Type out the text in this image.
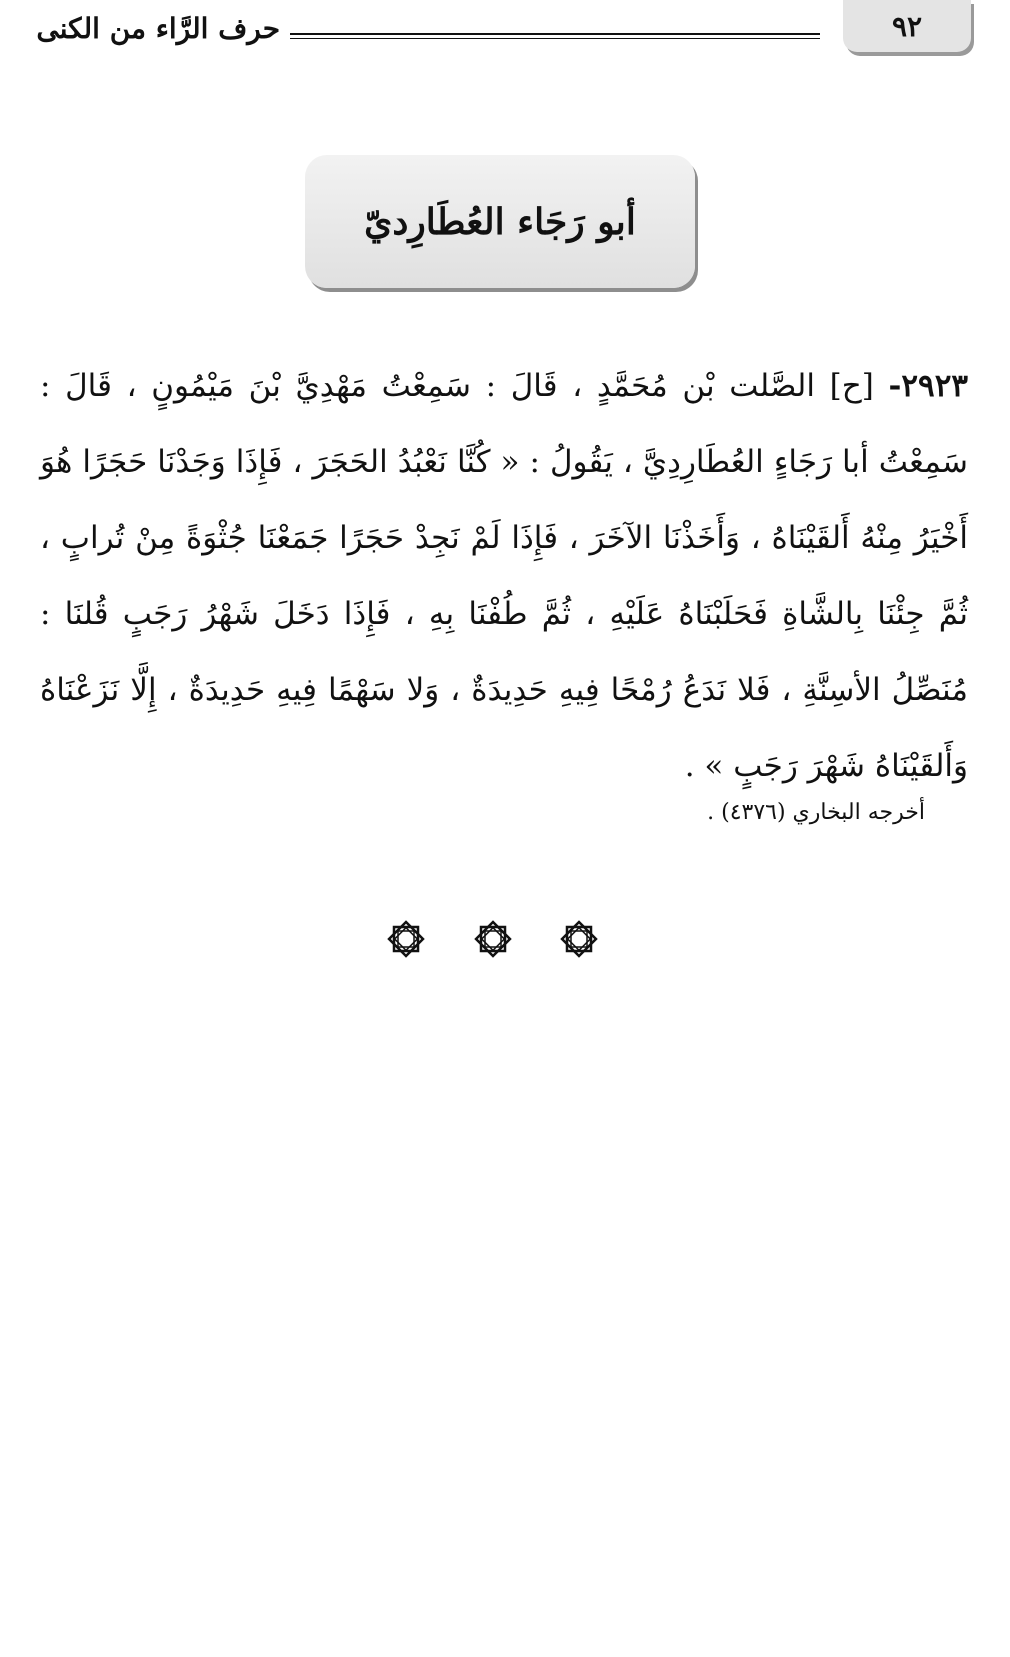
٩٢
حرف الرَّاء من الكنى
أبو رَجَاء العُطَارِديّ
٢٩٢٣- [ح] الصَّلت بْن مُحَمَّدٍ ، قَالَ : سَمِعْتُ مَهْدِيَّ بْنَ مَيْمُونٍ ، قَالَ : سَمِعْتُ أبا رَجَاءٍ العُطَارِدِيَّ ، يَقُولُ : « كُنَّا نَعْبُدُ الحَجَرَ ، فَإِذَا وَجَدْنَا حَجَرًا هُوَ أَخْيَرُ مِنْهُ أَلقَيْنَاهُ ، وَأَخَذْنَا الآخَرَ ، فَإِذَا لَمْ نَجِدْ حَجَرًا جَمَعْنَا جُثْوَةً مِنْ تُرابٍ ، ثُمَّ جِئْنَا بِالشَّاةِ فَحَلَبْنَاهُ عَلَيْهِ ، ثُمَّ طُفْنَا بِهِ ، فَإِذَا دَخَلَ شَهْرُ رَجَبٍ قُلنَا : مُنَصِّلُ الأسِنَّةِ ، فَلا نَدَعُ رُمْحًا فِيهِ حَدِيدَةٌ ، وَلا سَهْمًا فِيهِ حَدِيدَةٌ ، إِلَّا نَزَعْنَاهُ وَأَلقَيْنَاهُ شَهْرَ رَجَبٍ » .
أخرجه البخاري (٤٣٧٦) .
